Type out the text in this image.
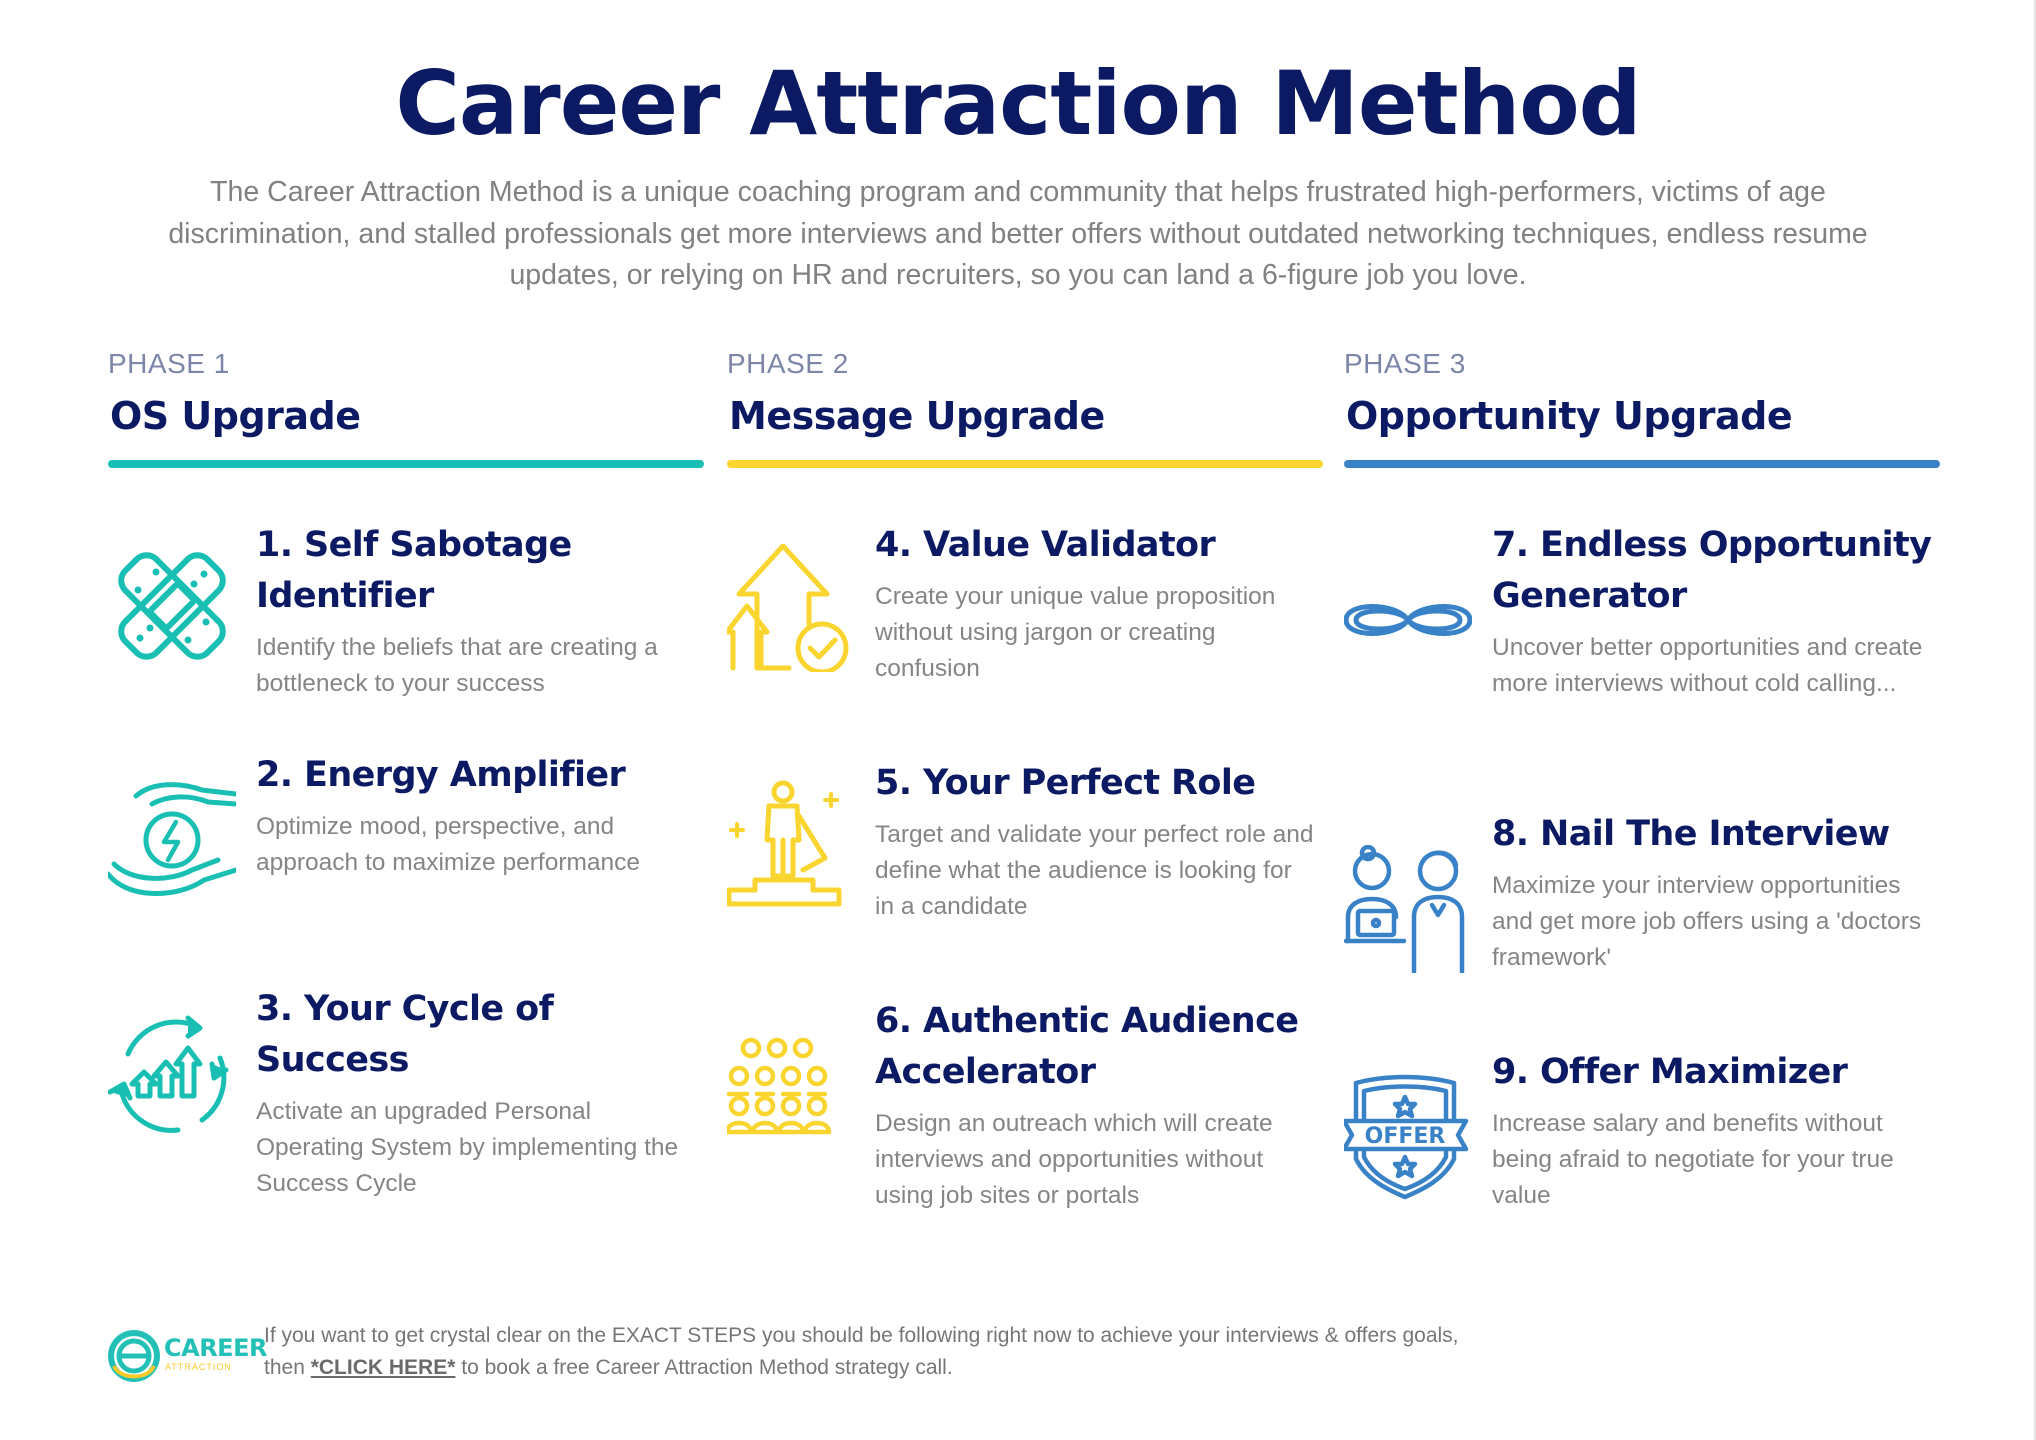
Career Attraction Method
The Career Attraction Method is a unique coaching program and community that helps frustrated high-performers, victims of age discrimination, and stalled professionals get more interviews and better offers without outdated networking techniques, endless resume updates, or relying on HR and recruiters, so you can land a 6-figure job you love.
PHASE 1
OS Upgrade
PHASE 2
Message Upgrade
PHASE 3
Opportunity Upgrade
1. Self Sabotage Identifier
Identify the beliefs that are creating a bottleneck to your success
2. Energy Amplifier
Optimize mood, perspective, and approach to maximize performance
3. Your Cycle of Success
Activate an upgraded Personal Operating System by implementing the Success Cycle
4. Value Validator
Create your unique value proposition without using jargon or creating confusion
5. Your Perfect Role
Target and validate your perfect role and define what the audience is looking for in a candidate
6. Authentic Audience Accelerator
Design an outreach which will create interviews and opportunities without using job sites or portals
7. Endless Opportunity Generator
Uncover better opportunities and create more interviews without cold calling...
8. Nail The Interview
Maximize your interview opportunities and get more job offers using a 'doctors framework'
OFFER
9. Offer Maximizer
Increase salary and benefits without being afraid to negotiate for your true value
CAREER
ATTRACTION
If you want to get crystal clear on the EXACT STEPS you should be following right now to achieve your interviews & offers goals, then *CLICK HERE* to book a free Career Attraction Method strategy call.
